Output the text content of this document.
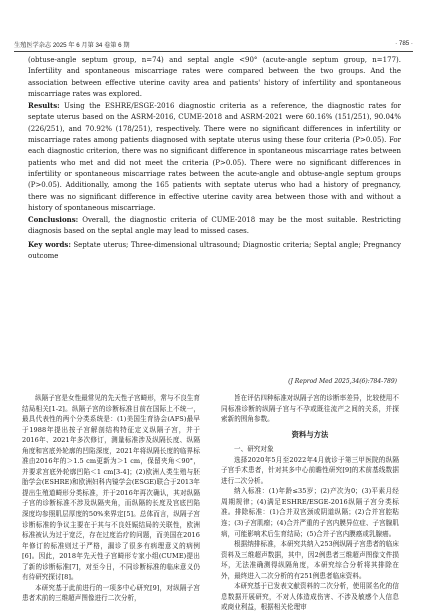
生殖医学杂志 2025 年 6 月第 34 卷第 6 期	· 785 ·

(obtuse-angle septum group, n=74) and septal angle <90° (acute-angle septum group, n=177). Infertility and spontaneous miscarriage rates were compared between the two groups. And the association between effective uterine cavity area and patients' history of infertility and spontaneous miscarriage rates was explored.

Results: Using the ESHRE/ESGE-2016 diagnostic criteria as a reference, the diagnostic rates for septate uterus based on the ASRM-2016, CUME-2018 and ASRM-2021 were 60.16% (151/251), 90.04% (226/251), and 70.92% (178/251), respectively. There were no significant differences in infertility or miscarriage rates among patients diagnosed with septate uterus using these four criteria (P>0.05). For each diagnostic criterion, there was no significant difference in spontaneous miscarriage rates between patients who met and did not meet the criteria (P>0.05). There were no significant differences in infertility or spontaneous miscarriage rates between the acute-angle and obtuse-angle septum groups (P>0.05). Additionally, among the 165 patients with septate uterus who had a history of pregnancy, there was no significant difference in effective uterine cavity area between those with and without a history of spontaneous miscarriage.

Conclusions: Overall, the diagnostic criteria of CUME-2018 may be the most suitable. Restricting diagnosis based on the septal angle may lead to missed cases.

Key words: Septate uterus; Three-dimensional ultrasound; Diagnostic criteria; Septal angle; Pregnancy outcome

(J Reprod Med 2025,34(6):784-789)

纵隔子宫是女性最常见的先天性子宫畸形，常与不良生育结局相关[1-2]。纵隔子宫的诊断标准目前在国际上不统一，最具代表性的两个分类系统是：(1)美国生育协会(AFS)最早于1988年提出按子宫解剖结构特征定义纵隔子宫，并于2016年、2021年多次修订，测量标准涉及纵隔长度、纵隔角度和宫底外轮廓的凹陷深度，2021年将纵隔长度的临界标准由2016年的＞1.5 cm更新为＞1 cm，保留夹角＜90°，并要求宫底外轮廓凹陷＜1 cm[3-4]；(2)欧洲人类生殖与胚胎学会(ESHRE)和欧洲妇科内镜学会(ESGE)联合于2013年提出生殖道畸形分类标准，并于2016年再次确认，其对纵隔子宫的诊断标准不涉及纵隔夹角，而纵隔的长度及宫底凹陷深度均参照肌层厚度的50%来界定[5]。总体而言，纵隔子宫诊断标准的争议主要在于其与不良妊娠结局的关联性，欧洲标准被认为过于宽泛，存在过度治疗的问题，而美国在2016年修订的标准则过于严格，漏诊了很多有病理意义的病例[6]。因此，2018年先天性子宫畸形专家小组(CUME)提出了新的诊断标准[7]，对至今日，不同诊断标准的临床意义仍有待研究探讨[8]。

本研究基于此前进行的一项多中心研究[9]，对纵隔子宫患者术前的三维超声图像进行二次分析，

旨在评估四种标准对纵隔子宫的诊断率差异，比较使用不同标准诊断的纵隔子宫与不孕或既往流产之间的关系，并探索新的围角参数。

资料与方法

一、研究对象

选择2020年5月至2022年4月就诊于第三甲医院的纵隔子宫手术患者，针对其多中心前瞻性研究[9]的术前基线数据进行二次分析。

纳入标准：(1)年龄≤35岁；(2)产次为0；(3)平素月经周期规律；(4)满足ESHRE/ESGE-2016纵隔子宫分类标准。排除标准：(1)合并双宫颈或阴道纵隔；(2)合并宫腔粘连；(3)子宫肌瘤；(4)合并严重的子宫内膜异位症、子宫腺肌病，可能影响术后生育结局；(5)合并子宫内膜癌或乳腺癌。

根据纳排标准，本研究共纳入253例纵隔子宫患者的临床资料及三维超声数据，其中，因2例患者三维超声图像文件损坏，无法准确测得纵隔角度，本研究综合分析将其排除在外，最终进入二次分析的有251例患者临床资料。

本研究基于已发表文献资料的二次分析，使用匿名化的信息数据开展研究，不对人体造成伤害、不涉及敏感个人信息或商业利益，根据相关伦理审
